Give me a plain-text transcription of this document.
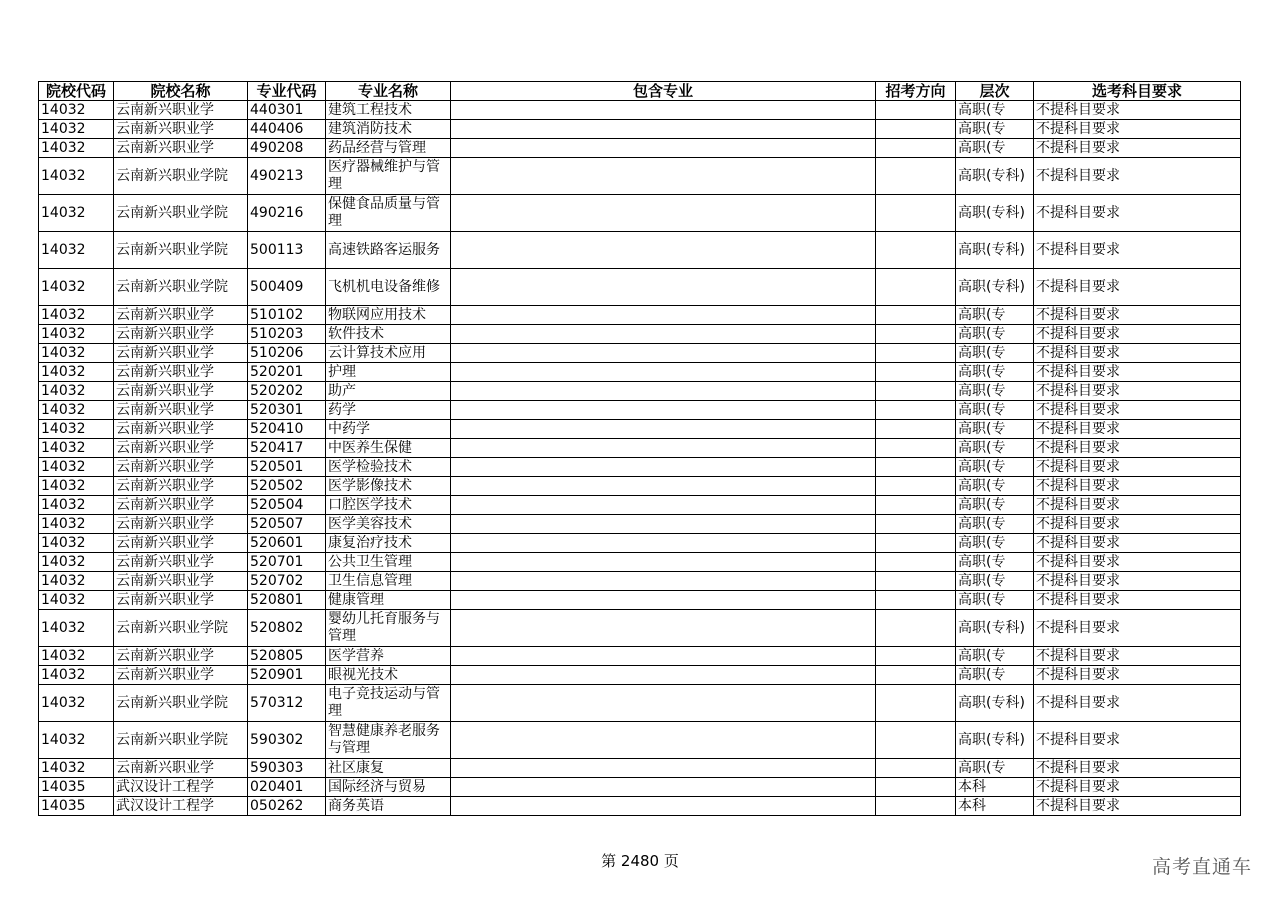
院校代码	院校名称	专业代码	专业名称	包含专业	招考方向	层次	选考科目要求
14032	云南新兴职业学	440301	建筑工程技术			高职(专	不提科目要求
14032	云南新兴职业学	440406	建筑消防技术			高职(专	不提科目要求
14032	云南新兴职业学	490208	药品经营与管理			高职(专	不提科目要求
14032	云南新兴职业学院	490213	医疗器械维护与管理			高职(专科)	不提科目要求
14032	云南新兴职业学院	490216	保健食品质量与管理			高职(专科)	不提科目要求
14032	云南新兴职业学院	500113	高速铁路客运服务			高职(专科)	不提科目要求
14032	云南新兴职业学院	500409	飞机机电设备维修			高职(专科)	不提科目要求
14032	云南新兴职业学	510102	物联网应用技术			高职(专	不提科目要求
14032	云南新兴职业学	510203	软件技术			高职(专	不提科目要求
14032	云南新兴职业学	510206	云计算技术应用			高职(专	不提科目要求
14032	云南新兴职业学	520201	护理			高职(专	不提科目要求
14032	云南新兴职业学	520202	助产			高职(专	不提科目要求
14032	云南新兴职业学	520301	药学			高职(专	不提科目要求
14032	云南新兴职业学	520410	中药学			高职(专	不提科目要求
14032	云南新兴职业学	520417	中医养生保健			高职(专	不提科目要求
14032	云南新兴职业学	520501	医学检验技术			高职(专	不提科目要求
14032	云南新兴职业学	520502	医学影像技术			高职(专	不提科目要求
14032	云南新兴职业学	520504	口腔医学技术			高职(专	不提科目要求
14032	云南新兴职业学	520507	医学美容技术			高职(专	不提科目要求
14032	云南新兴职业学	520601	康复治疗技术			高职(专	不提科目要求
14032	云南新兴职业学	520701	公共卫生管理			高职(专	不提科目要求
14032	云南新兴职业学	520702	卫生信息管理			高职(专	不提科目要求
14032	云南新兴职业学	520801	健康管理			高职(专	不提科目要求
14032	云南新兴职业学院	520802	婴幼儿托育服务与管理			高职(专科)	不提科目要求
14032	云南新兴职业学	520805	医学营养			高职(专	不提科目要求
14032	云南新兴职业学	520901	眼视光技术			高职(专	不提科目要求
14032	云南新兴职业学院	570312	电子竞技运动与管理			高职(专科)	不提科目要求
14032	云南新兴职业学院	590302	智慧健康养老服务与管理			高职(专科)	不提科目要求
14032	云南新兴职业学	590303	社区康复			高职(专	不提科目要求
14035	武汉设计工程学	020401	国际经济与贸易			本科	不提科目要求
14035	武汉设计工程学	050262	商务英语			本科	不提科目要求
第 2480 页	高考直通车
